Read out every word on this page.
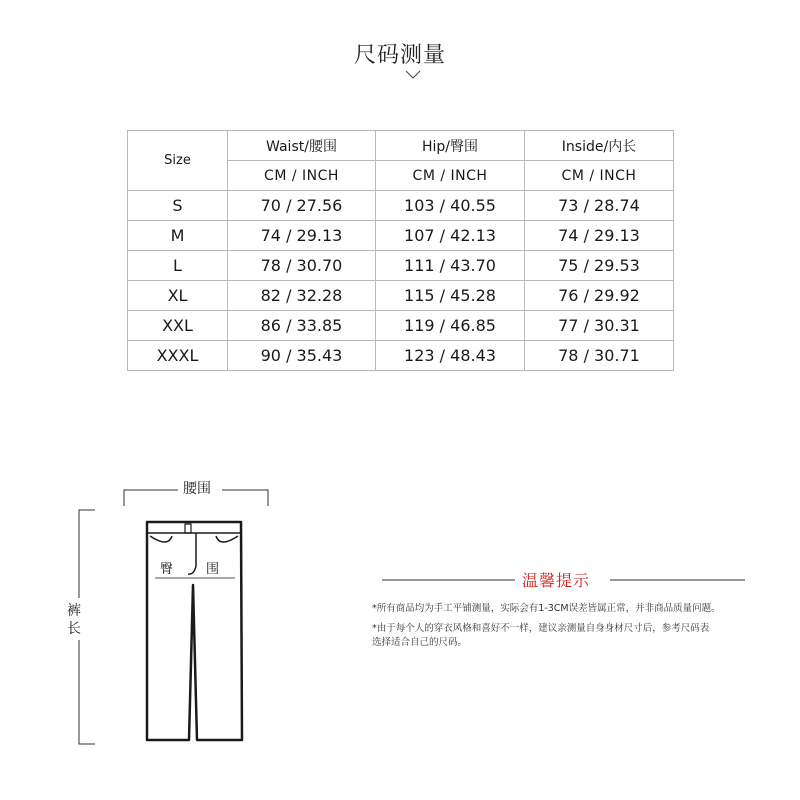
尺码测量
Size	Waist/腰围	Hip/臀围	Inside/内长
	CM / INCH	CM / INCH	CM / INCH
S	70 / 27.56	103 / 40.55	73 / 28.74
M	74 / 29.13	107 / 42.13	74 / 29.13
L	78 / 30.70	111 / 43.70	75 / 29.53
XL	82 / 32.28	115 / 45.28	76 / 29.92
XXL	86 / 33.85	119 / 46.85	77 / 30.31
XXXL	90 / 35.43	123 / 48.43	78 / 30.71
腰围
裤长
臀	围
温馨提示
*所有商品均为手工平铺测量，实际会有1-3CM误差皆属正常，并非商品质量问题。
*由于每个人的穿衣风格和喜好不一样，建议亲测量自身身材尺寸后，参考尺码表
选择适合自己的尺码。
